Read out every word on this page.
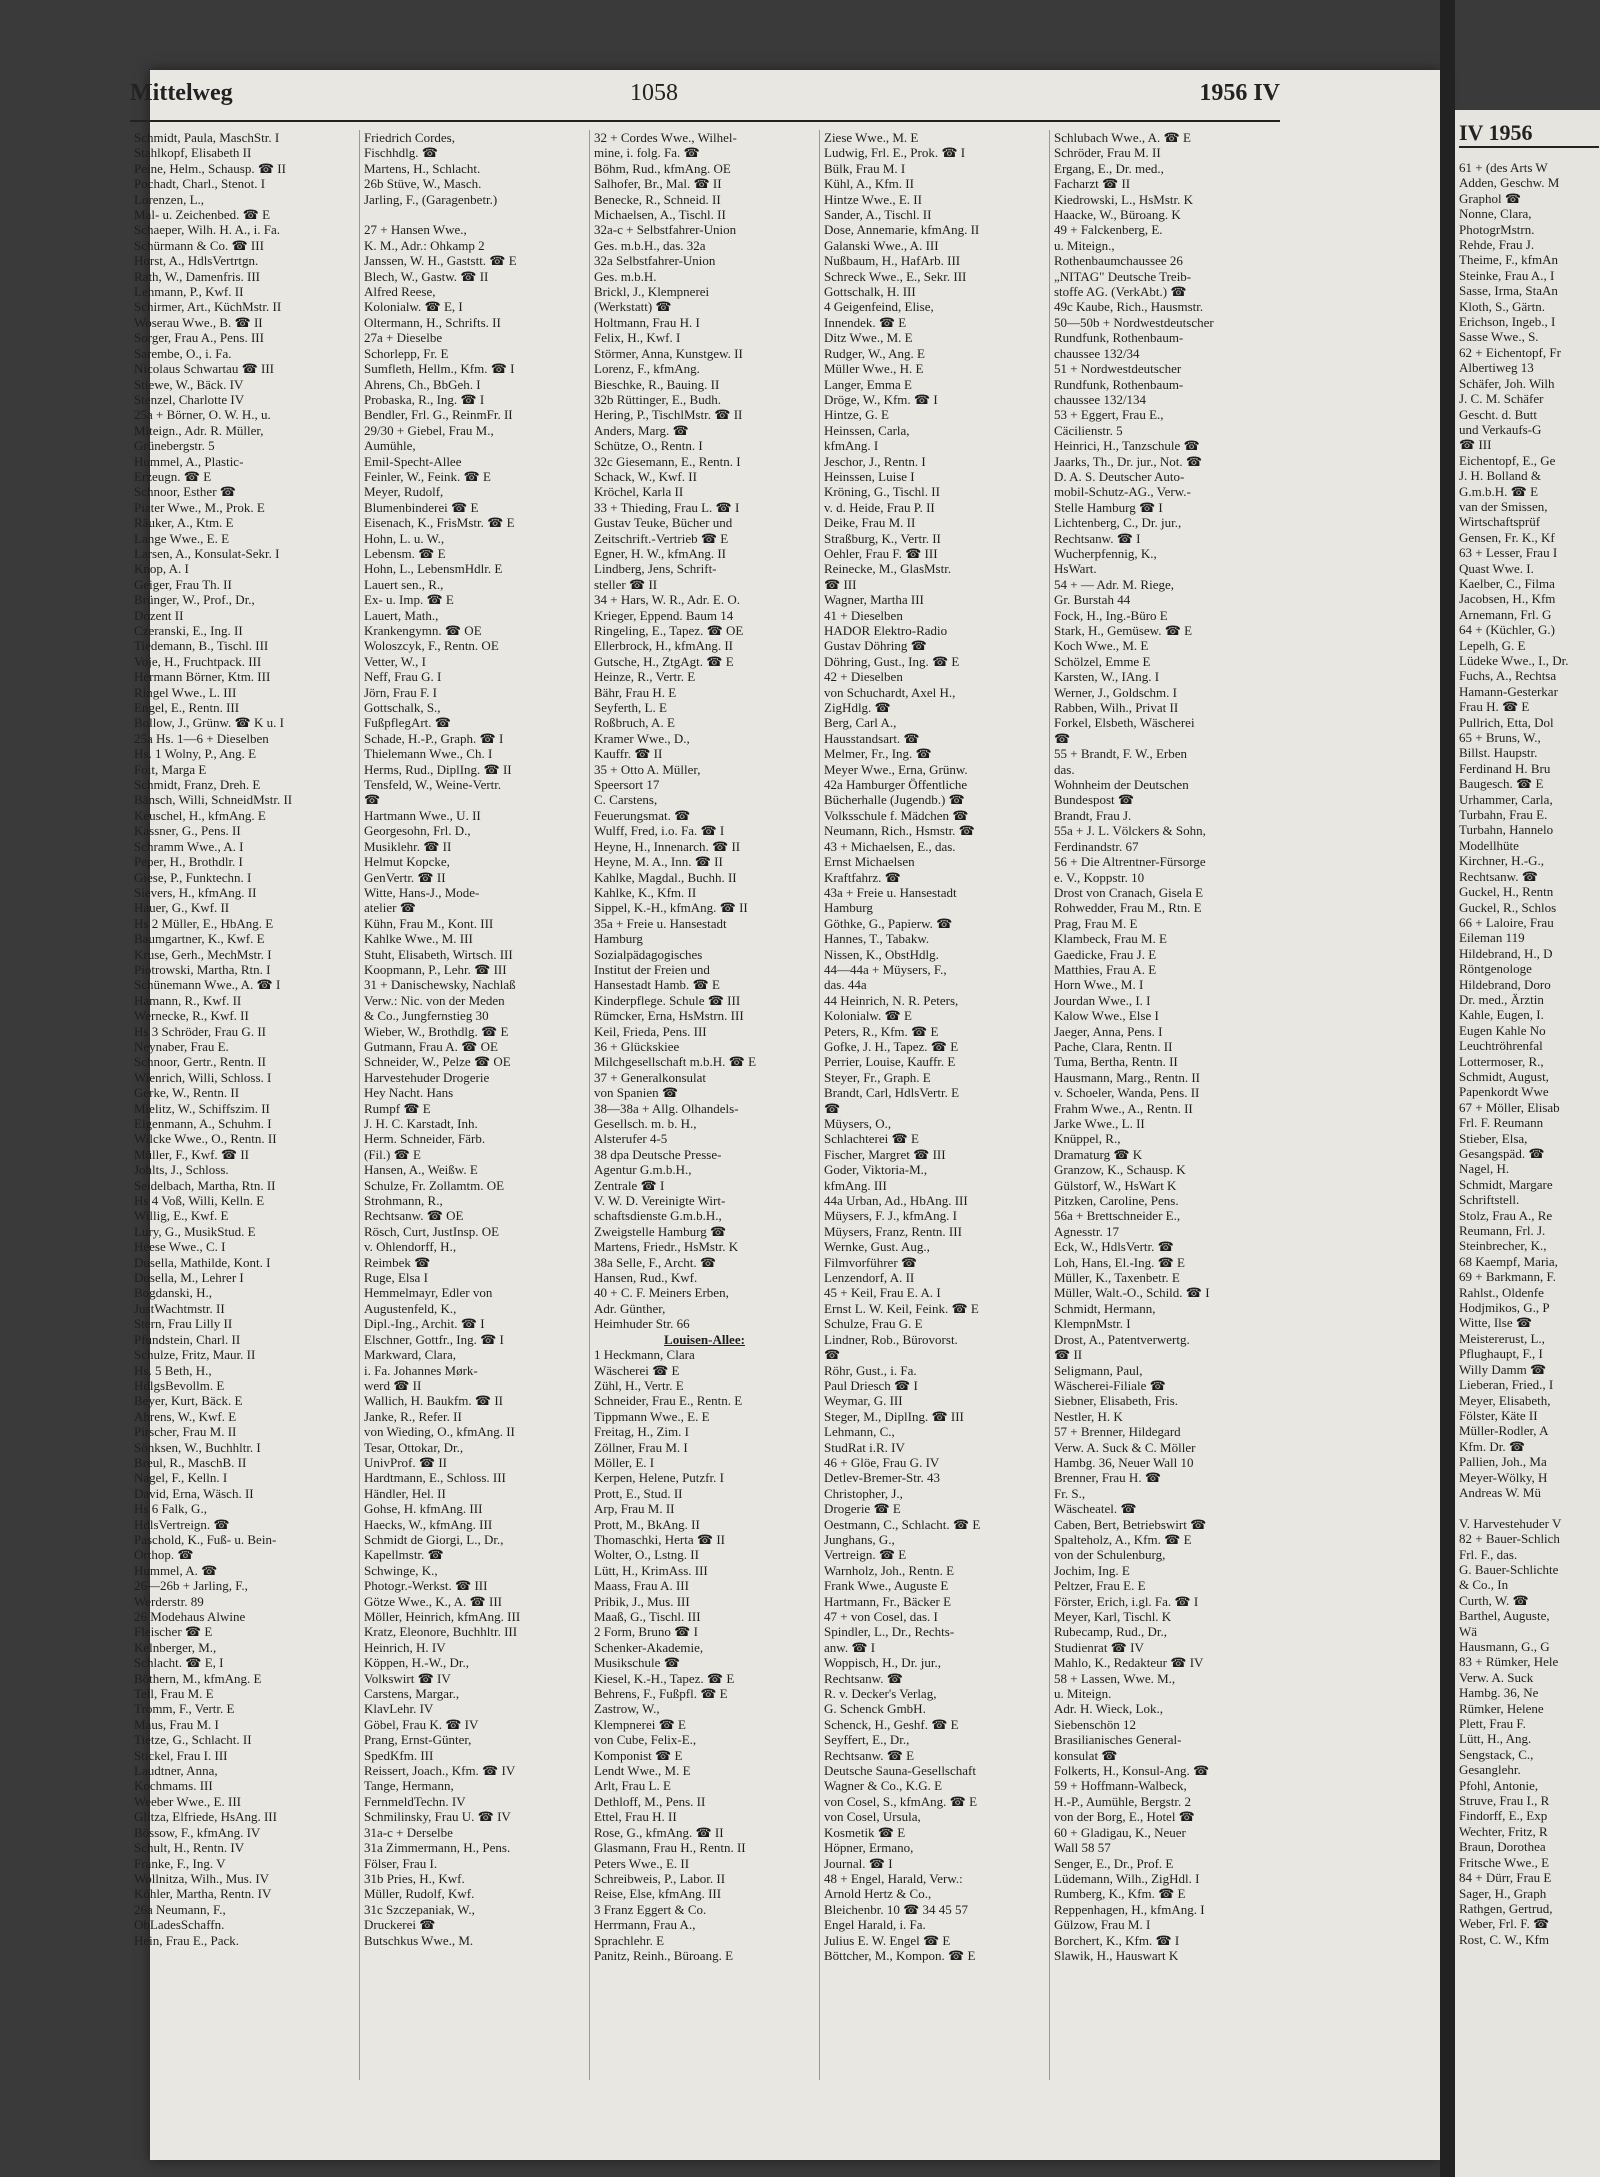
Mittelweg	1058	1956 IV
Schmidt, Paula, MaschStr. I
Stahlkopf, Elisabeth II
Peine, Helm., Schausp. ☎ II
Pochadt, Charl., Stenot. I
Lorenzen, L.,
Mal- u. Zeichenbed. ☎ E
Schaeper, Wilh. H. A., i. Fa.
Schürmann & Co. ☎ III
Horst, A., HdlsVertrtgn.
Rath, W., Damenfris. III
Lehmann, P., Kwf. II
Schirmer, Art., KüchMstr. II
Woserau Wwe., B. ☎ II
Sorger, Frau A., Pens. III
Sarembe, O., i. Fa.
Nicolaus Schwartau ☎ III
Stiewe, W., Bäck. IV
Stenzel, Charlotte IV
25a + Börner, O. W. H., u.
Miteign., Adr. R. Müller,
Grünebergstr. 5
Hummel, A., Plastic-
Erzeugn. ☎ E
Schnoor, Esther ☎
Piater Wwe., M., Prok. E
Räuker, A., Ktm. E
Lange Wwe., E. E
Larsen, A., Konsulat-Sekr. I
Knop, A. I
Geiger, Frau Th. II
Brünger, W., Prof., Dr.,
Dozent II
Czeranski, E., Ing. II
Tiedemann, B., Tischl. III
Voje, H., Fruchtpack. III
Hermann Börner, Ktm. III
Ringel Wwe., L. III
Engel, E., Rentn. III
Bollow, J., Grünw. ☎ K u. I
25a Hs. 1—6 + Dieselben
Hs. 1 Wolny, P., Ang. E
Foit, Marga E
Schmidt, Franz, Dreh. E
Bänsch, Willi, SchneidMstr. II
Keuschel, H., kfmAng. E
Kassner, G., Pens. II
Schramm Wwe., A. I
Peper, H., Brothdlr. I
Giese, P., Funktechn. I
Sievers, H., kfmAng. II
Hauer, G., Kwf. II
Hs 2 Müller, E., HbAng. E
Baumgartner, K., Kwf. E
Kruse, Gerh., MechMstr. I
Piotrowski, Martha, Rtn. I
Schünemann Wwe., A. ☎ I
Hamann, R., Kwf. II
Wernecke, R., Kwf. II
Hs 3 Schröder, Frau G. II
Neynaber, Frau E.
Schnoor, Gertr., Rentn. II
Wienrich, Willi, Schloss. I
Gerke, W., Rentn. II
Mielitz, W., Schiffszim. II
Eigenmann, A., Schuhm. I
Wilcke Wwe., O., Rentn. II
Müller, F., Kwf. ☎ II
Johlts, J., Schloss.
Seidelbach, Martha, Rtn. II
Hs 4 Voß, Willi, Kelln. E
Willig, E., Kwf. E
Lury, G., MusikStud. E
Heese Wwe., C. I
Dusella, Mathilde, Kont. I
Dusella, M., Lehrer I
Bogdanski, H.,
JustWachtmstr. II
Stern, Frau Lilly II
Pfundstein, Charl. II
Schulze, Fritz, Maur. II
Hs. 5 Beth, H.,
HdlgsBevollm. E
Beyer, Kurt, Bäck. E
Ahrens, W., Kwf. E
Pirscher, Frau M. II
Sönksen, W., Buchhltr. I
Breul, R., MaschB. II
Nagel, F., Kelln. I
David, Erna, Wäsch. II
Hs 6 Falk, G.,
HdlsVertreign. ☎
Paschold, K., Fuß- u. Bein-
Orthop. ☎
Hummel, A. ☎
26—26b + Jarling, F.,
Werderstr. 89
26 Modehaus Alwine
Fleischer ☎ E
Kelnberger, M.,
Schlacht. ☎ E, I
Böthern, M., kfmAng. E
Tell, Frau M. E
Tromm, F., Vertr. E
Maus, Frau M. I
Tietze, G., Schlacht. II
Stickel, Frau I. III
Laudtner, Anna,
Kochmams. III
Weeber Wwe., E. III
Glitza, Elfriede, HsAng. III
Bössow, F., kfmAng. IV
Schult, H., Rentn. IV
Franke, F., Ing. V
Wollnitza, Wilh., Mus. IV
Köhler, Martha, Rentn. IV
26a Neumann, F.,
ObLadesSchaffn.
Hein, Frau E., Pack.
Friedrich Cordes,
Fischhdlg. ☎
Martens, H., Schlacht.
26b Stüve, W., Masch.
Jarling, F., (Garagenbetr.)

27 + Hansen Wwe.,
K. M., Adr.: Ohkamp 2
Janssen, W. H., Gaststt. ☎ E
Blech, W., Gastw. ☎ II
Alfred Reese,
Kolonialw. ☎ E, I
Oltermann, H., Schrifts. II
27a + Dieselbe
Schorlepp, Fr. E
Sumfleth, Hellm., Kfm. ☎ I
Ahrens, Ch., BbGeh. I
Probaska, R., Ing. ☎ I
Bendler, Frl. G., ReinmFr. II
29/30 + Giebel, Frau M.,
Aumühle,
Emil-Specht-Allee
Feinler, W., Feink. ☎ E
Meyer, Rudolf,
Blumenbinderei ☎ E
Eisenach, K., FrisMstr. ☎ E
Hohn, L. u. W.,
Lebensm. ☎ E
Hohn, L., LebensmHdlr. E
Lauert sen., R.,
Ex- u. Imp. ☎ E
Lauert, Math.,
Krankengymn. ☎ OE
Woloszcyk, F., Rentn. OE
Vetter, W., I
Neff, Frau G. I
Jörn, Frau F. I
Gottschalk, S.,
FußpflegArt. ☎
Schade, H.-P., Graph. ☎ I
Thielemann Wwe., Ch. I
Herms, Rud., DiplIng. ☎ II
Tensfeld, W., Weine-Vertr.
☎
Hartmann Wwe., U. II
Georgesohn, Frl. D.,
Musiklehr. ☎ II
Helmut Kopcke,
GenVertr. ☎ II
Witte, Hans-J., Mode-
atelier ☎
Kühn, Frau M., Kont. III
Kahlke Wwe., M. III
Stuht, Elisabeth, Wirtsch. III
Koopmann, P., Lehr. ☎ III
31 + Danischewsky, Nachlaß
Verw.: Nic. von der Meden
& Co., Jungfernstieg 30
Wieber, W., Brothdlg. ☎ E
Gutmann, Frau A. ☎ OE
Schneider, W., Pelze ☎ OE
Harvestehuder Drogerie
Hey Nacht. Hans
Rumpf ☎ E
J. H. C. Karstadt, Inh.
Herm. Schneider, Färb.
(Fil.) ☎ E
Hansen, A., Weißw. E
Schulze, Fr. Zollamtm. OE
Strohmann, R.,
Rechtsanw. ☎ OE
Rösch, Curt, JustInsp. OE
v. Ohlendorff, H.,
Reimbek ☎
Ruge, Elsa I
Hemmelmayr, Edler von
Augustenfeld, K.,
Dipl.-Ing., Archit. ☎ I
Elschner, Gottfr., Ing. ☎ I
Markward, Clara,
i. Fa. Johannes Mørk-
werd ☎ II
Wallich, H. Baukfm. ☎ II
Janke, R., Refer. II
von Wieding, O., kfmAng. II
Tesar, Ottokar, Dr.,
UnivProf. ☎ II
Hardtmann, E., Schloss. III
Händler, Hel. II
Gohse, H. kfmAng. III
Haecks, W., kfmAng. III
Schmidt de Giorgi, L., Dr.,
Kapellmstr. ☎
Schwinge, K.,
Photogr.-Werkst. ☎ III
Götze Wwe., K., A. ☎ III
Möller, Heinrich, kfmAng. III
Kratz, Eleonore, Buchhltr. III
Heinrich, H. IV
Köppen, H.-W., Dr.,
Volkswirt ☎ IV
Carstens, Margar.,
KlavLehr. IV
Göbel, Frau K. ☎ IV
Prang, Ernst-Günter,
SpedKfm. III
Reissert, Joach., Kfm. ☎ IV
Tange, Hermann,
FernmeldTechn. IV
Schmilinsky, Frau U. ☎ IV
31a-c + Derselbe
31a Zimmermann, H., Pens.
Fölser, Frau I.
31b Pries, H., Kwf.
Müller, Rudolf, Kwf.
31c Szczepaniak, W.,
Druckerei ☎
Butschkus Wwe., M.
32 + Cordes Wwe., Wilhel-
mine, i. folg. Fa. ☎
Böhm, Rud., kfmAng. OE
Salhofer, Br., Mal. ☎ II
Benecke, R., Schneid. II
Michaelsen, A., Tischl. II
32a-c + Selbstfahrer-Union
Ges. m.b.H., das. 32a
32a Selbstfahrer-Union
Ges. m.b.H.
Brickl, J., Klempnerei
(Werkstatt) ☎
Holtmann, Frau H. I
Felix, H., Kwf. I
Störmer, Anna, Kunstgew. II
Lorenz, F., kfmAng.
Bieschke, R., Bauing. II
32b Rüttinger, E., Budh.
Hering, P., TischlMstr. ☎ II
Anders, Marg. ☎
Schütze, O., Rentn. I
32c Giesemann, E., Rentn. I
Schack, W., Kwf. II
Kröchel, Karla II
33 + Thieding, Frau L. ☎ I
Gustav Teuke, Bücher und
Zeitschrift.-Vertrieb ☎ E
Egner, H. W., kfmAng. II
Lindberg, Jens, Schrift-
steller ☎ II
34 + Hars, W. R., Adr. E. O.
Krieger, Eppend. Baum 14
Ringeling, E., Tapez. ☎ OE
Ellerbrock, H., kfmAng. II
Gutsche, H., ZtgAgt. ☎ E
Heinze, R., Vertr. E
Bähr, Frau H. E
Seyferth, L. E
Roßbruch, A. E
Kramer Wwe., D.,
Kauffr. ☎ II
35 + Otto A. Müller,
Speersort 17
C. Carstens,
Feuerungsmat. ☎
Wulff, Fred, i.o. Fa. ☎ I
Heyne, H., Innenarch. ☎ II
Heyne, M. A., Inn. ☎ II
Kahlke, Magdal., Buchh. II
Kahlke, K., Kfm. II
Sippel, K.-H., kfmAng. ☎ II
35a + Freie u. Hansestadt
Hamburg
Sozialpädagogisches
Institut der Freien und
Hansestadt Hamb. ☎ E
Kinderpflege. Schule ☎ III
Rümcker, Erna, HsMstrn. III
Keil, Frieda, Pens. III
36 + Glückskiee
Milchgesellschaft m.b.H. ☎ E
37 + Generalkonsulat
von Spanien ☎
38—38a + Allg. Olhandels-
Gesellsch. m. b. H.,
Alsterufer 4-5
38 dpa Deutsche Presse-
Agentur G.m.b.H.,
Zentrale ☎ I
V. W. D. Vereinigte Wirt-
schaftsdienste G.m.b.H.,
Zweigstelle Hamburg ☎
Martens, Friedr., HsMstr. K
38a Selle, F., Archt. ☎
Hansen, Rud., Kwf.
40 + C. F. Meiners Erben,
Adr. Günther,
Heimhuder Str. 66
Louisen-Allee:
1 Heckmann, Clara
Wäscherei ☎ E
Zühl, H., Vertr. E
Schneider, Frau E., Rentn. E
Tippmann Wwe., E. E
Freitag, H., Zim. I
Zöllner, Frau M. I
Möller, E. I
Kerpen, Helene, Putzfr. I
Prott, E., Stud. II
Arp, Frau M. II
Prott, M., BkAng. II
Thomaschki, Herta ☎ II
Wolter, O., Lstng. II
Lütt, H., KrimAss. III
Maass, Frau A. III
Pribik, J., Mus. III
Maaß, G., Tischl. III
2 Form, Bruno ☎ I
Schenker-Akademie,
Musikschule ☎
Kiesel, K.-H., Tapez. ☎ E
Behrens, F., Fußpfl. ☎ E
Zastrow, W.,
Klempnerei ☎ E
von Cube, Felix-E.,
Komponist ☎ E
Lendt Wwe., M. E
Arlt, Frau L. E
Dethloff, M., Pens. II
Ettel, Frau H. II
Rose, G., kfmAng. ☎ II
Glasmann, Frau H., Rentn. II
Peters Wwe., E. II
Schreibweis, P., Labor. II
Reise, Else, kfmAng. III
3 Franz Eggert & Co.
Herrmann, Frau A.,
Sprachlehr. E
Panitz, Reinh., Büroang. E
Ziese Wwe., M. E
Ludwig, Frl. E., Prok. ☎ I
Bülk, Frau M. I
Kühl, A., Kfm. II
Hintze Wwe., E. II
Sander, A., Tischl. II
Dose, Annemarie, kfmAng. II
Galanski Wwe., A. III
Nußbaum, H., HafArb. III
Schreck Wwe., E., Sekr. III
Gottschalk, H. III
4 Geigenfeind, Elise,
Innendek. ☎ E
Ditz Wwe., M. E
Rudger, W., Ang. E
Müller Wwe., H. E
Langer, Emma E
Dröge, W., Kfm. ☎ I
Hintze, G. E
Heinssen, Carla,
kfmAng. I
Jeschor, J., Rentn. I
Heinssen, Luise I
Kröning, G., Tischl. II
v. d. Heide, Frau P. II
Deike, Frau M. II
Straßburg, K., Vertr. II
Oehler, Frau F. ☎ III
Reinecke, M., GlasMstr.
☎ III
Wagner, Martha III
41 + Dieselben
HADOR Elektro-Radio
Gustav Döhring ☎
Döhring, Gust., Ing. ☎ E
42 + Dieselben
von Schuchardt, Axel H.,
ZigHdlg. ☎
Berg, Carl A.,
Hausstandsart. ☎
Melmer, Fr., Ing. ☎
Meyer Wwe., Erna, Grünw.
42a Hamburger Öffentliche
Bücherhalle (Jugendb.) ☎
Volksschule f. Mädchen ☎
Neumann, Rich., Hsmstr. ☎
43 + Michaelsen, E., das.
Ernst Michaelsen
Kraftfahrz. ☎
43a + Freie u. Hansestadt
Hamburg
Göthke, G., Papierw. ☎
Hannes, T., Tabakw.
Nissen, K., ObstHdlg.
44—44a + Müysers, F.,
das. 44a
44 Heinrich, N. R. Peters,
Kolonialw. ☎ E
Peters, R., Kfm. ☎ E
Gofke, J. H., Tapez. ☎ E
Perrier, Louise, Kauffr. E
Steyer, Fr., Graph. E
Brandt, Carl, HdlsVertr. E
☎
Müysers, O.,
Schlachterei ☎ E
Fischer, Margret ☎ III
Goder, Viktoria-M.,
kfmAng. III
44a Urban, Ad., HbAng. III
Müysers, F. J., kfmAng. I
Müysers, Franz, Rentn. III
Wernke, Gust. Aug.,
Filmvorführer ☎
Lenzendorf, A. II
45 + Keil, Frau E. A. I
Ernst L. W. Keil, Feink. ☎ E
Schulze, Frau G. E
Lindner, Rob., Bürovorst.
☎
Röhr, Gust., i. Fa.
Paul Driesch ☎ I
Weymar, G. III
Steger, M., DiplIng. ☎ III
Lehmann, C.,
StudRat i.R. IV
46 + Glöe, Frau G. IV
Detlev-Bremer-Str. 43
Christopher, J.,
Drogerie ☎ E
Oestmann, C., Schlacht. ☎ E
Junghans, G.,
Vertreign. ☎ E
Warnholz, Joh., Rentn. E
Frank Wwe., Auguste E
Hartmann, Fr., Bäcker E
47 + von Cosel, das. I
Spindler, L., Dr., Rechts-
anw. ☎ I
Woppisch, H., Dr. jur.,
Rechtsanw. ☎
R. v. Decker's Verlag,
G. Schenck GmbH.
Schenck, H., Geshf. ☎ E
Seyffert, E., Dr.,
Rechtsanw. ☎ E
Deutsche Sauna-Gesellschaft
Wagner & Co., K.G. E
von Cosel, S., kfmAng. ☎ E
von Cosel, Ursula,
Kosmetik ☎ E
Höpner, Ermano,
Journal. ☎ I
48 + Engel, Harald, Verw.:
Arnold Hertz & Co.,
Bleichenbr. 10 ☎ 34 45 57
Engel Harald, i. Fa.
Julius E. W. Engel ☎ E
Böttcher, M., Kompon. ☎ E
Schlubach Wwe., A. ☎ E
Schröder, Frau M. II
Ergang, E., Dr. med.,
Facharzt ☎ II
Kiedrowski, L., HsMstr. K
Haacke, W., Büroang. K
49 + Falckenberg, E.
u. Miteign.,
Rothenbaumchaussee 26
„NITAG" Deutsche Treib-
stoffe AG. (VerkAbt.) ☎
49c Kaube, Rich., Hausmstr.
50—50b + Nordwestdeutscher
Rundfunk, Rothenbaum-
chaussee 132/34
51 + Nordwestdeutscher
Rundfunk, Rothenbaum-
chaussee 132/134
53 + Eggert, Frau E.,
Cäcilienstr. 5
Heinrici, H., Tanzschule ☎
Jaarks, Th., Dr. jur., Not. ☎
D. A. S. Deutscher Auto-
mobil-Schutz-AG., Verw.-
Stelle Hamburg ☎ I
Lichtenberg, C., Dr. jur.,
Rechtsanw. ☎ I
Wucherpfennig, K.,
HsWart.
54 + — Adr. M. Riege,
Gr. Burstah 44
Fock, H., Ing.-Büro E
Stark, H., Gemüsew. ☎ E
Koch Wwe., M. E
Schölzel, Emme E
Karsten, W., IAng. I
Werner, J., Goldschm. I
Rabben, Wilh., Privat II
Forkel, Elsbeth, Wäscherei
☎
55 + Brandt, F. W., Erben
das.
Wohnheim der Deutschen
Bundespost ☎
Brandt, Frau J.
55a + J. L. Völckers & Sohn,
Ferdinandstr. 67
56 + Die Altrentner-Fürsorge
e. V., Koppstr. 10
Drost von Cranach, Gisela E
Rohwedder, Frau M., Rtn. E
Prag, Frau M. E
Klambeck, Frau M. E
Gaedicke, Frau J. E
Matthies, Frau A. E
Horn Wwe., M. I
Jourdan Wwe., I. I
Kalow Wwe., Else I
Jaeger, Anna, Pens. I
Pache, Clara, Rentn. II
Tuma, Bertha, Rentn. II
Hausmann, Marg., Rentn. II
v. Schoeler, Wanda, Pens. II
Frahm Wwe., A., Rentn. II
Jarke Wwe., L. II
Knüppel, R.,
Dramaturg ☎ K
Granzow, K., Schausp. K
Gülstorf, W., HsWart K
Pitzken, Caroline, Pens.
56a + Brettschneider E.,
Agnesstr. 17
Eck, W., HdlsVertr. ☎
Loh, Hans, El.-Ing. ☎ E
Müller, K., Taxenbetr. E
Müller, Walt.-O., Schild. ☎ I
Schmidt, Hermann,
KlempnMstr. I
Drost, A., Patentverwertg.
☎ II
Seligmann, Paul,
Wäscherei-Filiale ☎
Siebner, Elisabeth, Fris.
Nestler, H. K
57 + Brenner, Hildegard
Verw. A. Suck & C. Möller
Hambg. 36, Neuer Wall 10
Brenner, Frau H. ☎
Fr. S.,
Wäscheatel. ☎
Caben, Bert, Betriebswirt ☎
Spalteholz, A., Kfm. ☎ E
von der Schulenburg,
Jochim, Ing. E
Peltzer, Frau E. E
Förster, Erich, i.gl. Fa. ☎ I
Meyer, Karl, Tischl. K
Rubecamp, Rud., Dr.,
Studienrat ☎ IV
Mahlo, K., Redakteur ☎ IV
58 + Lassen, Wwe. M.,
u. Miteign.
Adr. H. Wieck, Lok.,
Siebenschön 12
Brasilianisches General-
konsulat ☎
Folkerts, H., Konsul-Ang. ☎
59 + Hoffmann-Walbeck,
H.-P., Aumühle, Bergstr. 2
von der Borg, E., Hotel ☎
60 + Gladigau, K., Neuer
Wall 58 57
Senger, E., Dr., Prof. E
Lüdemann, Wilh., ZigHdl. I
Rumberg, K., Kfm. ☎ E
Reppenhagen, H., kfmAng. I
Gülzow, Frau M. I
Borchert, K., Kfm. ☎ I
Slawik, H., Hauswart K
IV 1956
61 + (des Arts W
Adden, Geschw. M
Graphol ☎
Nonne, Clara,
PhotogrMstrn.
Rehde, Frau J.
Theime, F., kfmAn
Steinke, Frau A., I
Sasse, Irma, StaAn
Kloth, S., Gärtn.
Erichson, Ingeb., I
Sasse Wwe., S.
62 + Eichentopf, Fr
Albertiweg 13
Schäfer, Joh. Wilh
J. C. M. Schäfer
Gescht. d. Butt
und Verkaufs-G
☎ III
Eichentopf, E., Ge
J. H. Bolland &
G.m.b.H. ☎ E
van der Smissen,
Wirtschaftsprüf
Gensen, Fr. K., Kf
63 + Lesser, Frau I
Quast Wwe. I.
Kaelber, C., Filma
Jacobsen, H., Kfm
Arnemann, Frl. G
64 + (Küchler, G.)
Lepelh, G. E
Lüdeke Wwe., I., Dr.
Fuchs, A., Rechtsa
Hamann-Gesterkar
Frau H. ☎ E
Pullrich, Etta, Dol
65 + Bruns, W.,
Billst. Haupstr.
Ferdinand H. Bru
Baugesch. ☎ E
Urhammer, Carla,
Turbahn, Frau E.
Turbahn, Hannelo
Modellhüte
Kirchner, H.-G.,
Rechtsanw. ☎
Guckel, H., Rentn
Guckel, R., Schlos
66 + Laloire, Frau
Eileman 119
Hildebrand, H., D
Röntgenologe
Hildebrand, Doro
Dr. med., Ärztin
Kahle, Eugen, I.
Eugen Kahle No
Leuchtröhrenfal
Lottermoser, R.,
Schmidt, August,
Papenkordt Wwe
67 + Möller, Elisab
Frl. F. Reumann
Stieber, Elsa,
Gesangspäd. ☎
Nagel, H.
Schmidt, Margare
Schriftstell.
Stolz, Frau A., Re
Reumann, Frl. J.
Steinbrecher, K.,
68 Kaempf, Maria,
69 + Barkmann, F.
Rahlst., Oldenfe
Hodjmikos, G., P
Witte, Ilse ☎
Meistererust, L.,
Pflughaupt, F., I
Willy Damm ☎
Lieberan, Fried., I
Meyer, Elisabeth,
Fölster, Käte II
Müller-Rodler, A
Kfm. Dr. ☎
Pallien, Joh., Ma
Meyer-Wölky, H
Andreas W. Mü

V. Harvestehuder V
82 + Bauer-Schlich
Frl. F., das.
G. Bauer-Schlichte
& Co., In
Curth, W. ☎
Barthel, Auguste,
Wä
Hausmann, G., G
83 + Rümker, Hele
Verw. A. Suck
Hambg. 36, Ne
Rümker, Helene
Plett, Frau F.
Lütt, H., Ang.
Sengstack, C.,
Gesanglehr.
Pfohl, Antonie,
Struve, Frau I., R
Findorff, E., Exp
Wechter, Fritz, R
Braun, Dorothea
Fritsche Wwe., E
84 + Dürr, Frau E
Sager, H., Graph
Rathgen, Gertrud,
Weber, Frl. F. ☎
Rost, C. W., Kfm
